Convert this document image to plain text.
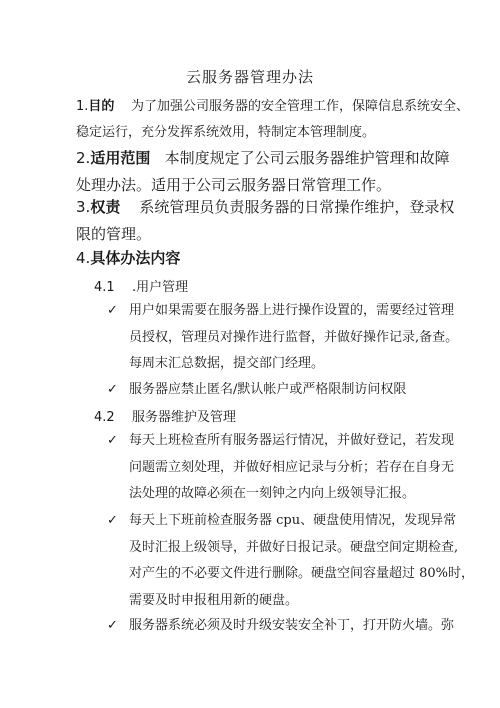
云服务器管理办法
1.目的 为了加强公司服务器的安全管理工作，保障信息系统安全、
稳定运行，充分发挥系统效用，特制定本管理制度。
2.适用范围 本制度规定了公司云服务器维护管理和故障
处理办法。适用于公司云服务器日常管理工作。
3.权责 系统管理员负责服务器的日常操作维护，登录权
限的管理。
4.具体办法内容
4.1 .用户管理
✓ 用户如果需要在服务器上进行操作设置的，需要经过管理
员授权，管理员对操作进行监督，并做好操作记录,备查。
每周末汇总数据，提交部门经理。
✓ 服务器应禁止匿名/默认帐户或严格限制访问权限
4.2 服务器维护及管理
✓ 每天上班检查所有服务器运行情况，并做好登记，若发现
问题需立刻处理，并做好相应记录与分析；若存在自身无
法处理的故障必须在一刻钟之内向上级领导汇报。
✓ 每天上下班前检查服务器 cpu、硬盘使用情况，发现异常
及时汇报上级领导，并做好日报记录。硬盘空间定期检查,
对产生的不必要文件进行删除。硬盘空间容量超过 80%时，
需要及时申报租用新的硬盘。
✓ 服务器系统必须及时升级安装安全补丁，打开防火墙。弥
